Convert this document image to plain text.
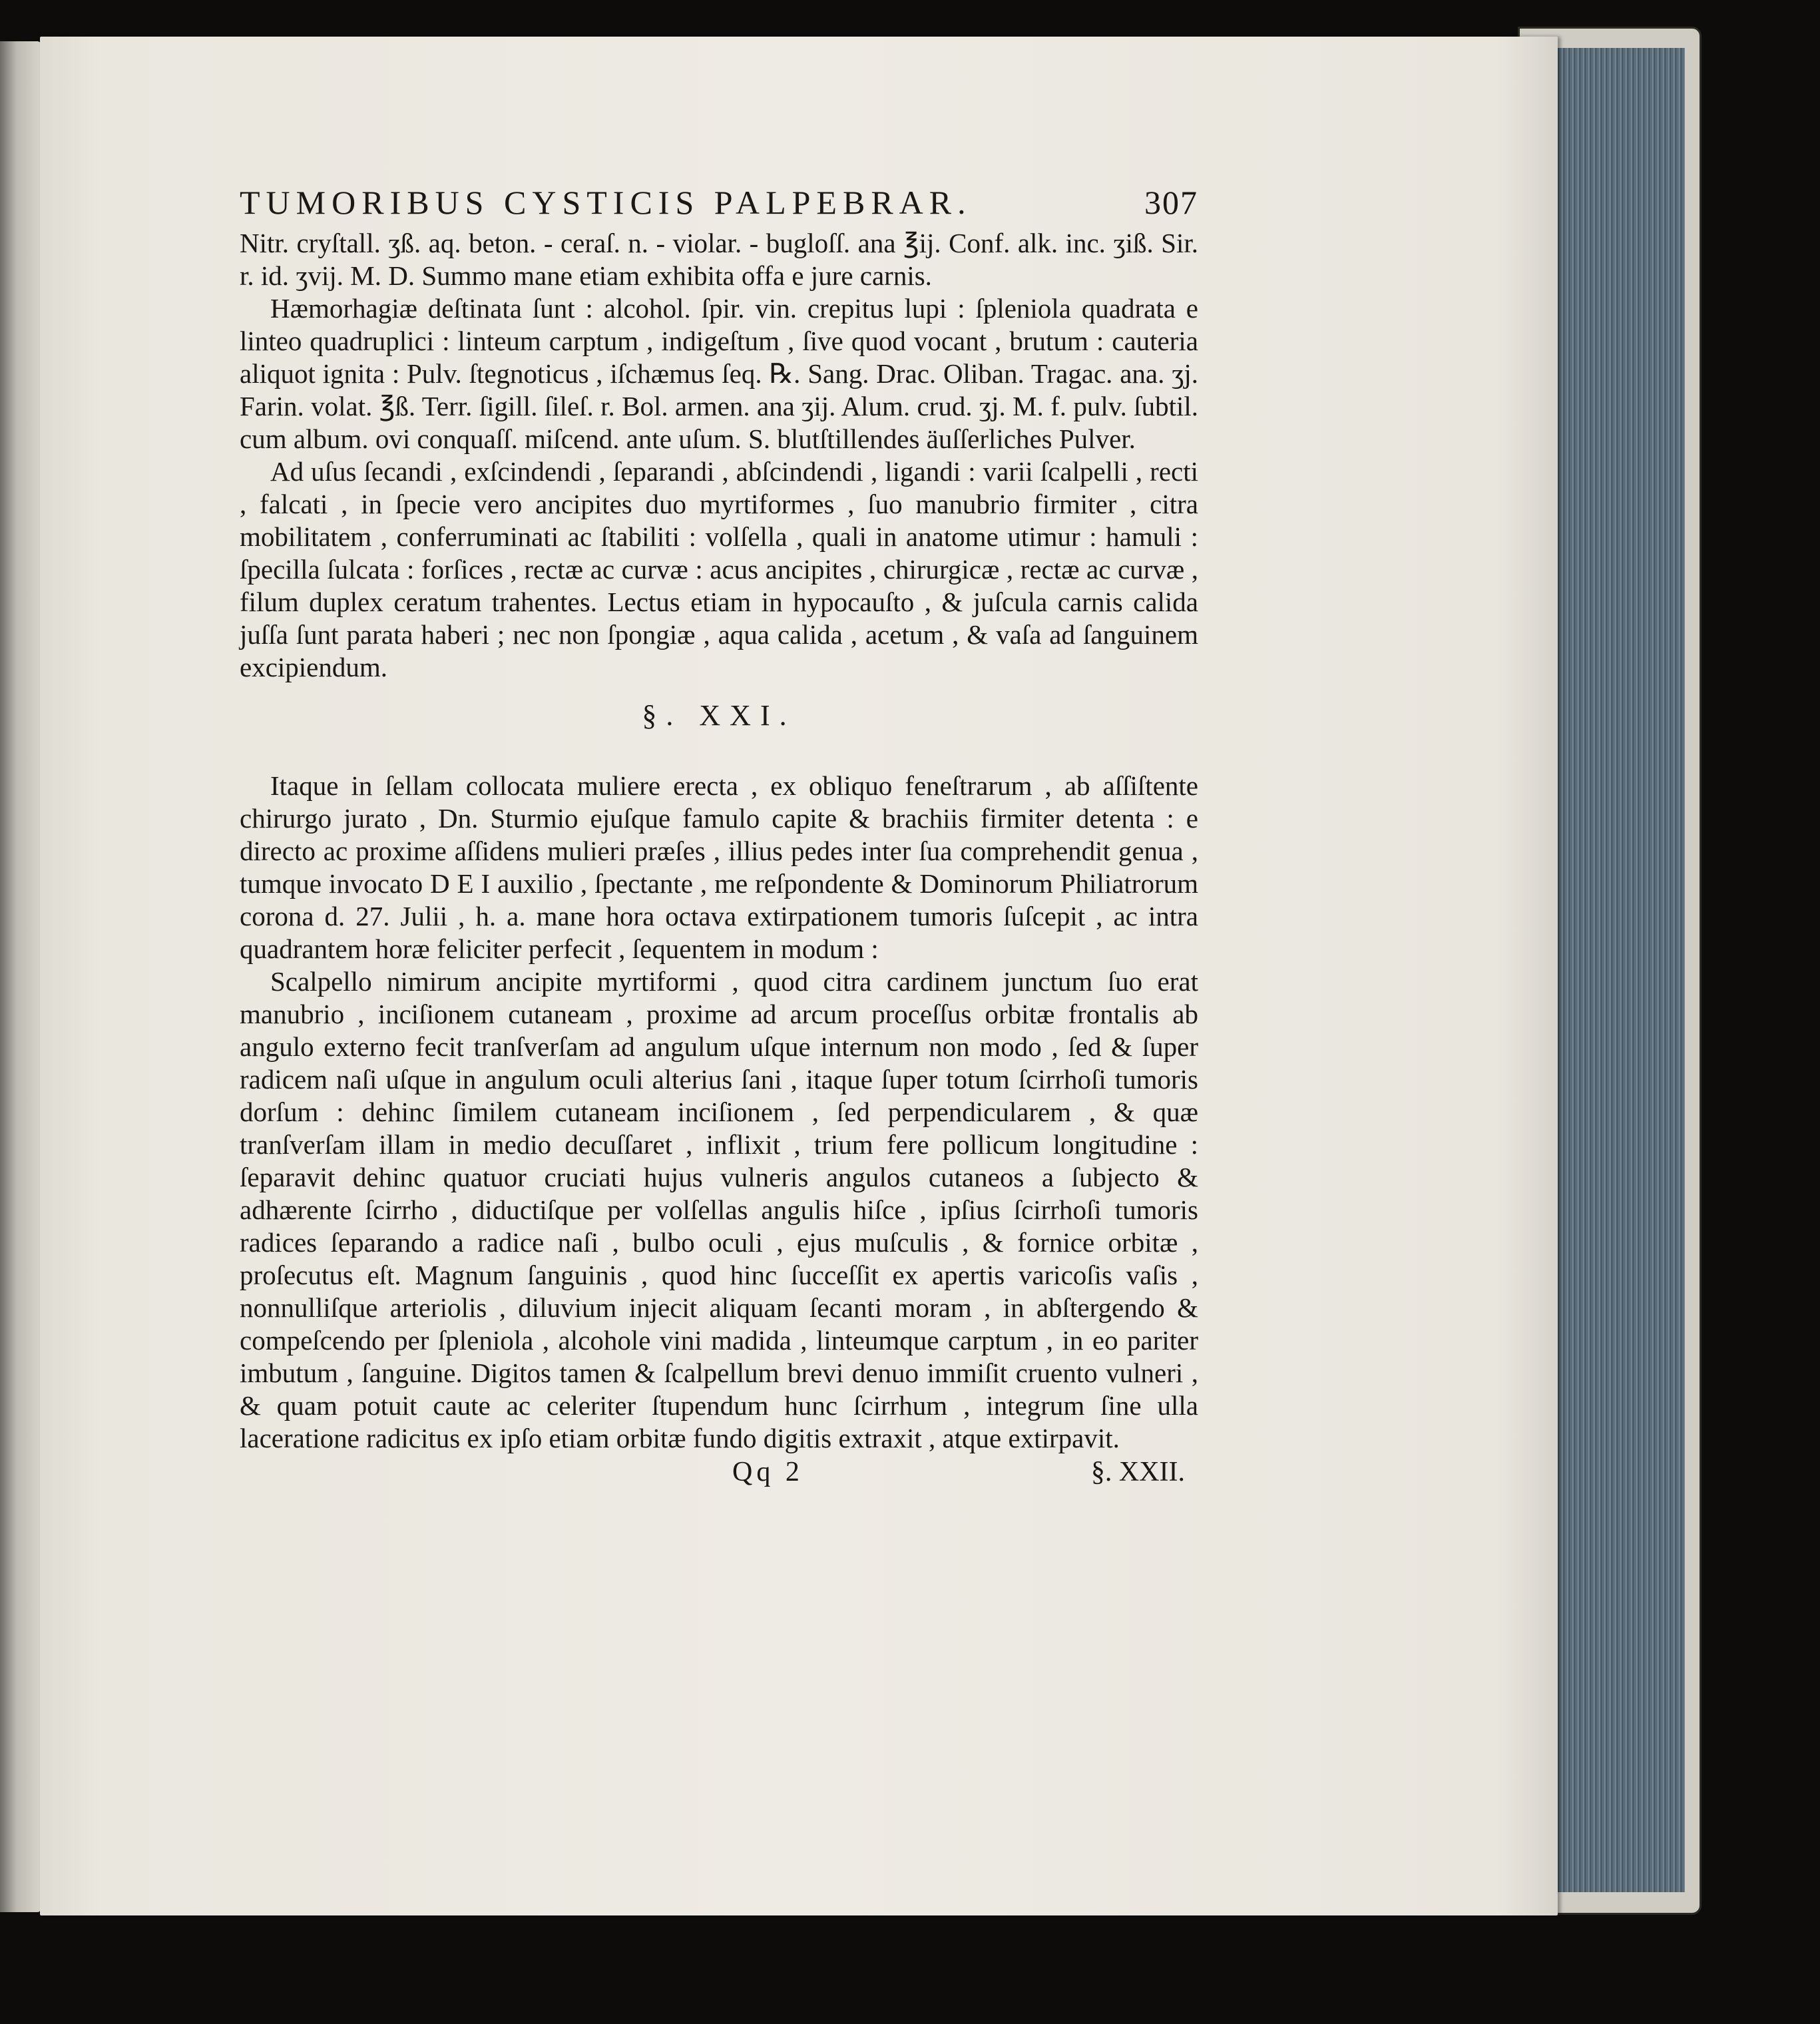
TUMORIBUS CYSTICIS PALPEBRAR.	307

Nitr. cryſtall. ʒß. aq. beton. - ceraſ. n. - violar. - bugloſſ. ana ℥ij. Conf. alk. inc. ʒiß. Sir. r. id. ʒvij. M. D. Summo mane etiam exhibita offa e jure carnis.

Hæmorhagiæ deſtinata ſunt : alcohol. ſpir. vin. crepitus lupi : ſpleniola quadrata e linteo quadruplici : linteum carptum , indigeſtum , ſive quod vocant , brutum : cauteria aliquot ignita : Pulv. ſtegnoticus , iſchæmus ſeq. ℞. Sang. Drac. Oliban. Tragac. ana. ʒj. Farin. volat. ℥ß. Terr. ſigill. ſileſ. r. Bol. armen. ana ʒij. Alum. crud. ʒj. M. f. pulv. ſubtil. cum album. ovi conquaſſ. miſcend. ante uſum. S. blutſtillendes äuſſerliches Pulver.

Ad uſus ſecandi , exſcindendi , ſeparandi , abſcindendi , ligandi : varii ſcalpelli , recti , falcati , in ſpecie vero ancipites duo myrtiformes , ſuo manubrio firmiter , citra mobilitatem , conferruminati ac ſtabiliti : volſella , quali in anatome utimur : hamuli : ſpecilla ſulcata : forſices , rectæ ac curvæ : acus ancipites , chirurgicæ , rectæ ac curvæ , filum duplex ceratum trahentes. Lectus etiam in hypocauſto , & juſcula carnis calida juſſa ſunt parata haberi ; nec non ſpongiæ , aqua calida , acetum , & vaſa ad ſanguinem excipiendum.

§. XXI.

Itaque in ſellam collocata muliere erecta , ex obliquo feneſtrarum , ab aſſiſtente chirurgo jurato , Dn. Sturmio ejuſque famulo capite & brachiis firmiter detenta : e directo ac proxime aſſidens mulieri præſes , illius pedes inter ſua comprehendit genua , tumque invocato D E I auxilio , ſpectante , me reſpondente & Dominorum Philiatrorum corona d. 27. Julii , h. a. mane hora octava extirpationem tumoris ſuſcepit , ac intra quadrantem horæ feliciter perfecit , ſequentem in modum :

Scalpello nimirum ancipite myrtiformi , quod citra cardinem junctum ſuo erat manubrio , inciſionem cutaneam , proxime ad arcum proceſſus orbitæ frontalis ab angulo externo fecit tranſverſam ad angulum uſque internum non modo , ſed & ſuper radicem naſi uſque in angulum oculi alterius ſani , itaque ſuper totum ſcirrhoſi tumoris dorſum : dehinc ſimilem cutaneam inciſionem , ſed perpendicularem , & quæ tranſverſam illam in medio decuſſaret , inflixit , trium fere pollicum longitudine : ſeparavit dehinc quatuor cruciati hujus vulneris angulos cutaneos a ſubjecto & adhærente ſcirrho , diductiſque per volſellas angulis hiſce , ipſius ſcirrhoſi tumoris radices ſeparando a radice naſi , bulbo oculi , ejus muſculis , & fornice orbitæ , proſecutus eſt. Magnum ſanguinis , quod hinc ſucceſſit ex apertis varicoſis vaſis , nonnulliſque arteriolis , diluvium injecit aliquam ſecanti moram , in abſtergendo & compeſcendo per ſpleniola , alcohole vini madida , linteumque carptum , in eo pariter imbutum , ſanguine. Digitos tamen & ſcalpellum brevi denuo immiſit cruento vulneri , & quam potuit caute ac celeriter ſtupendum hunc ſcirrhum , integrum ſine ulla laceratione radicitus ex ipſo etiam orbitæ fundo digitis extraxit , atque extirpavit.

Qq 2	§. XXII.
